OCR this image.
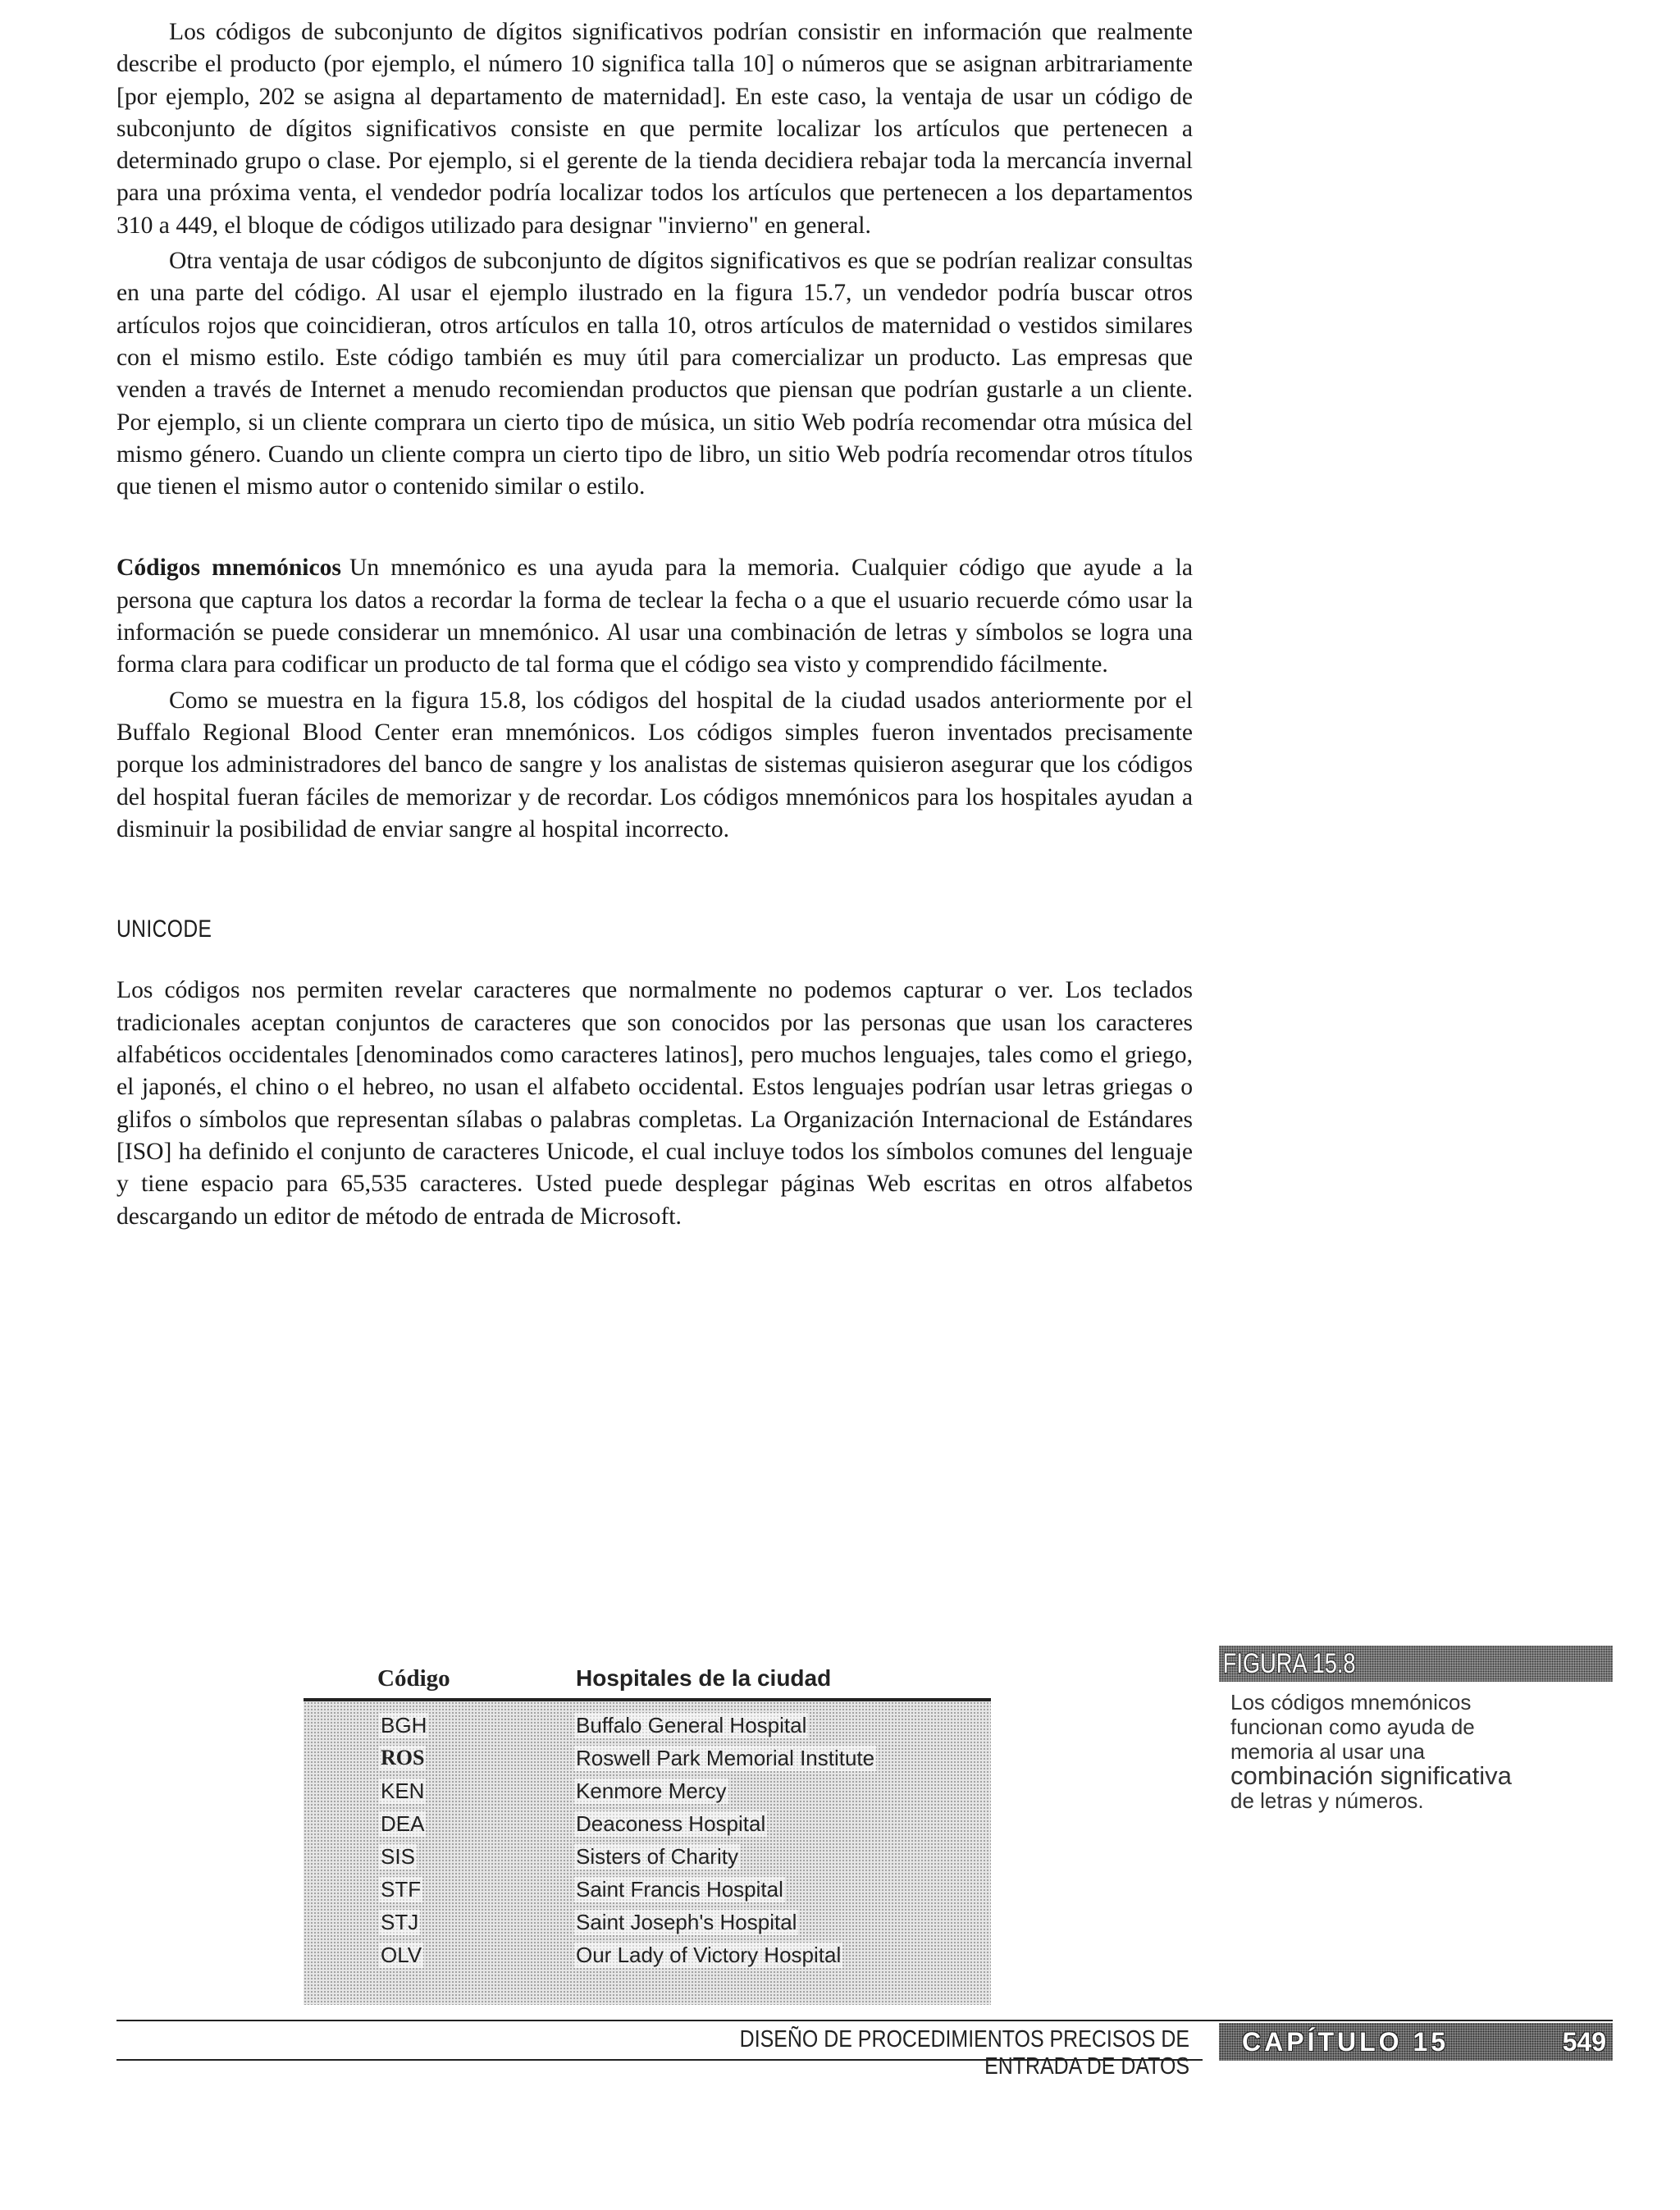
Los códigos de subconjunto de dígitos significativos podrían consistir en información que realmente describe el producto (por ejemplo, el número 10 significa talla 10] o números que se asignan arbitrariamente [por ejemplo, 202 se asigna al departamento de maternidad]. En este caso, la ventaja de usar un código de subconjunto de dígitos significativos consiste en que permite localizar los artículos que pertenecen a determinado grupo o clase. Por ejemplo, si el gerente de la tienda decidiera rebajar toda la mercancía invernal para una próxima venta, el vendedor podría localizar todos los artículos que pertenecen a los departamentos 310 a 449, el bloque de códigos utilizado para designar "invierno" en general.

Otra ventaja de usar códigos de subconjunto de dígitos significativos es que se podrían realizar consultas en una parte del código. Al usar el ejemplo ilustrado en la figura 15.7, un vendedor podría buscar otros artículos rojos que coincidieran, otros artículos en talla 10, otros artículos de maternidad o vestidos similares con el mismo estilo. Este código también es muy útil para comercializar un producto. Las empresas que venden a través de Internet a menudo recomiendan productos que piensan que podrían gustarle a un cliente. Por ejemplo, si un cliente comprara un cierto tipo de música, un sitio Web podría recomendar otra música del mismo género. Cuando un cliente compra un cierto tipo de libro, un sitio Web podría recomendar otros títulos que tienen el mismo autor o contenido similar o estilo.

Códigos mnemónicos Un mnemónico es una ayuda para la memoria. Cualquier código que ayude a la persona que captura los datos a recordar la forma de teclear la fecha o a que el usuario recuerde cómo usar la información se puede considerar un mnemónico. Al usar una combinación de letras y símbolos se logra una forma clara para codificar un producto de tal forma que el código sea visto y comprendido fácilmente.

Como se muestra en la figura 15.8, los códigos del hospital de la ciudad usados anteriormente por el Buffalo Regional Blood Center eran mnemónicos. Los códigos simples fueron inventados precisamente porque los administradores del banco de sangre y los analistas de sistemas quisieron asegurar que los códigos del hospital fueran fáciles de memorizar y de recordar. Los códigos mnemónicos para los hospitales ayudan a disminuir la posibilidad de enviar sangre al hospital incorrecto.

UNICODE

Los códigos nos permiten revelar caracteres que normalmente no podemos capturar o ver. Los teclados tradicionales aceptan conjuntos de caracteres que son conocidos por las personas que usan los caracteres alfabéticos occidentales [denominados como caracteres latinos], pero muchos lenguajes, tales como el griego, el japonés, el chino o el hebreo, no usan el alfabeto occidental. Estos lenguajes podrían usar letras griegas o glifos o símbolos que representan sílabas o palabras completas. La Organización Internacional de Estándares [ISO] ha definido el conjunto de caracteres Unicode, el cual incluye todos los símbolos comunes del lenguaje y tiene espacio para 65,535 caracteres. Usted puede desplegar páginas Web escritas en otros alfabetos descargando un editor de método de entrada de Microsoft.

Código	Hospitales de la ciudad
BGH	Buffalo General Hospital
ROS	Roswell Park Memorial Institute
KEN	Kenmore Mercy
DEA	Deaconess Hospital
SIS	Sisters of Charity
STF	Saint Francis Hospital
STJ	Saint Joseph's Hospital
OLV	Our Lady of Victory Hospital
FIGURA 15.8
Los códigos mnemónicos
funcionan como ayuda de
memoria al usar una
combinación significativa
de letras y números.
DISEÑO DE PROCEDIMIENTOS PRECISOS DE ENTRADA DE DATOS
CAPÍTULO 15	549
